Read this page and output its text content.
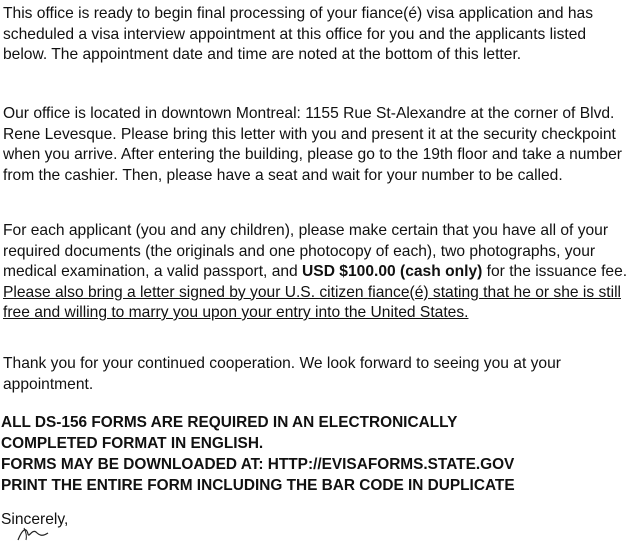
This office is ready to begin final processing of your fiance(é) visa application and has scheduled a visa interview appointment at this office for you and the applicants listed below. The appointment date and time are noted at the bottom of this letter.

Our office is located in downtown Montreal: 1155 Rue St-Alexandre at the corner of Blvd. Rene Levesque. Please bring this letter with you and present it at the security checkpoint when you arrive. After entering the building, please go to the 19th floor and take a number from the cashier. Then, please have a seat and wait for your number to be called.

For each applicant (you and any children), please make certain that you have all of your required documents (the originals and one photocopy of each), two photographs, your medical examination, a valid passport, and USD $100.00 (cash only) for the issuance fee. Please also bring a letter signed by your U.S. citizen fiance(é) stating that he or she is still free and willing to marry you upon your entry into the United States.

Thank you for your continued cooperation. We look forward to seeing you at your appointment.

ALL DS-156 FORMS ARE REQUIRED IN AN ELECTRONICALLY
COMPLETED FORMAT IN ENGLISH.
FORMS MAY BE DOWNLOADED AT: HTTP://EVISAFORMS.STATE.GOV
PRINT THE ENTIRE FORM INCLUDING THE BAR CODE IN DUPLICATE

Sincerely,
